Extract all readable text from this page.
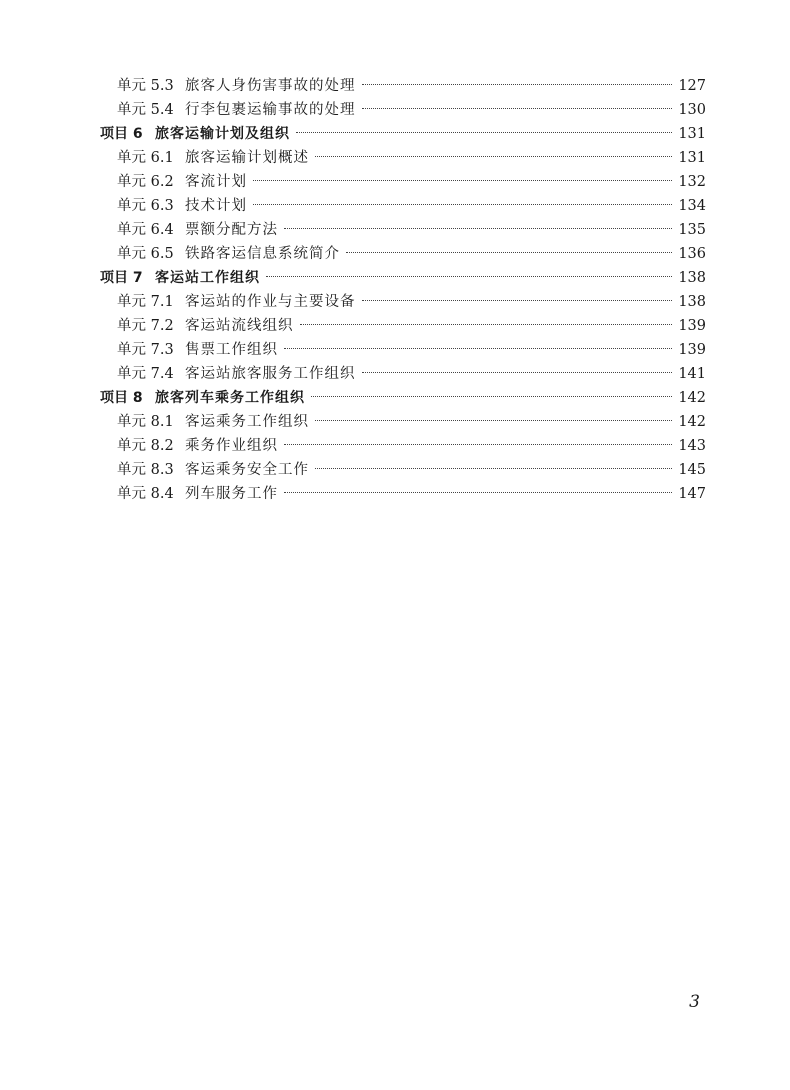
单元 5.3 旅客人身伤害事故的处理	127
单元 5.4 行李包裹运输事故的处理	130
项目 6 旅客运输计划及组织	131
单元 6.1 旅客运输计划概述	131
单元 6.2 客流计划	132
单元 6.3 技术计划	134
单元 6.4 票额分配方法	135
单元 6.5 铁路客运信息系统简介	136
项目 7 客运站工作组织	138
单元 7.1 客运站的作业与主要设备	138
单元 7.2 客运站流线组织	139
单元 7.3 售票工作组织	139
单元 7.4 客运站旅客服务工作组织	141
项目 8 旅客列车乘务工作组织	142
单元 8.1 客运乘务工作组织	142
单元 8.2 乘务作业组织	143
单元 8.3 客运乘务安全工作	145
单元 8.4 列车服务工作	147
3
